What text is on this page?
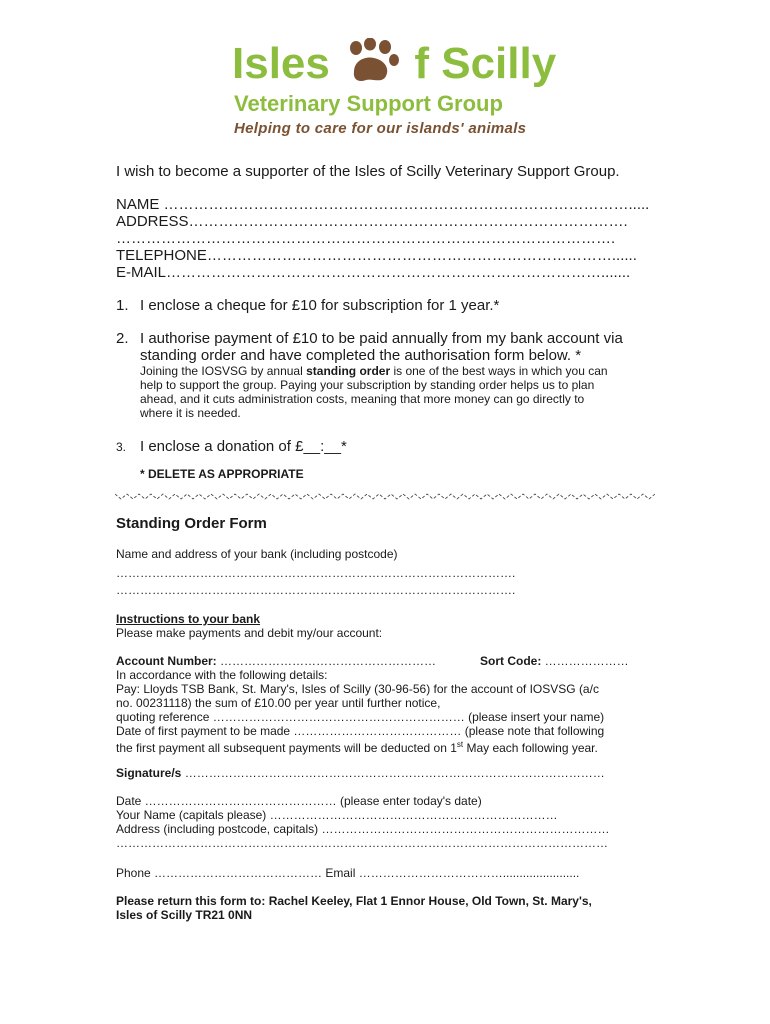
Isles f Scilly
Veterinary Support Group
Helping to care for our islands' animals
I wish to become a supporter of the Isles of Scilly Veterinary Support Group.
NAME ………………………………………………………………………………….....
ADDRESS…………………………………………………………………………….
……………………………………………………………………………………….
TELEPHONE………………………………………………………………………......
E-MAIL…………………………………………………………………………….......
1. I enclose a cheque for £10 for subscription for 1 year.*
2. I authorise payment of £10 to be paid annually from my bank account via
standing order and have completed the authorisation form below. *
Joining the IOSVSG by annual standing order is one of the best ways in which you can
help to support the group. Paying your subscription by standing order helps us to plan
ahead, and it cuts administration costs, meaning that more money can go directly to
where it is needed.
3. I enclose a donation of £__:__*
* DELETE AS APPROPRIATE
Standing Order Form
Name and address of your bank (including postcode)
……………………………………………………………………………………….
……………………………………………………………………………………….
Instructions to your bank
Please make payments and debit my/our account:
Account Number: ………………………………………………	Sort Code: …………………
In accordance with the following details:
Pay: Lloyds TSB Bank, St. Mary's, Isles of Scilly (30-96-56) for the account of IOSVSG (a/c
no. 00231118) the sum of £10.00 per year until further notice,
quoting reference ……………………………………………………… (please insert your name)
Date of first payment to be made …………………………………… (please note that following
the first payment all subsequent payments will be deducted on 1st May each following year.
Signature/s ……………………………………………………………………………………………
Date ………………………………………… (please enter today's date)
Your Name (capitals please) ………………………………………………………………
Address (including postcode, capitals) ………………………………………………………………
……………………………………………………………………………………………………………
Phone …………………………………… Email ……………………………….......................
Please return this form to: Rachel Keeley, Flat 1 Ennor House, Old Town, St. Mary's,
Isles of Scilly TR21 0NN
